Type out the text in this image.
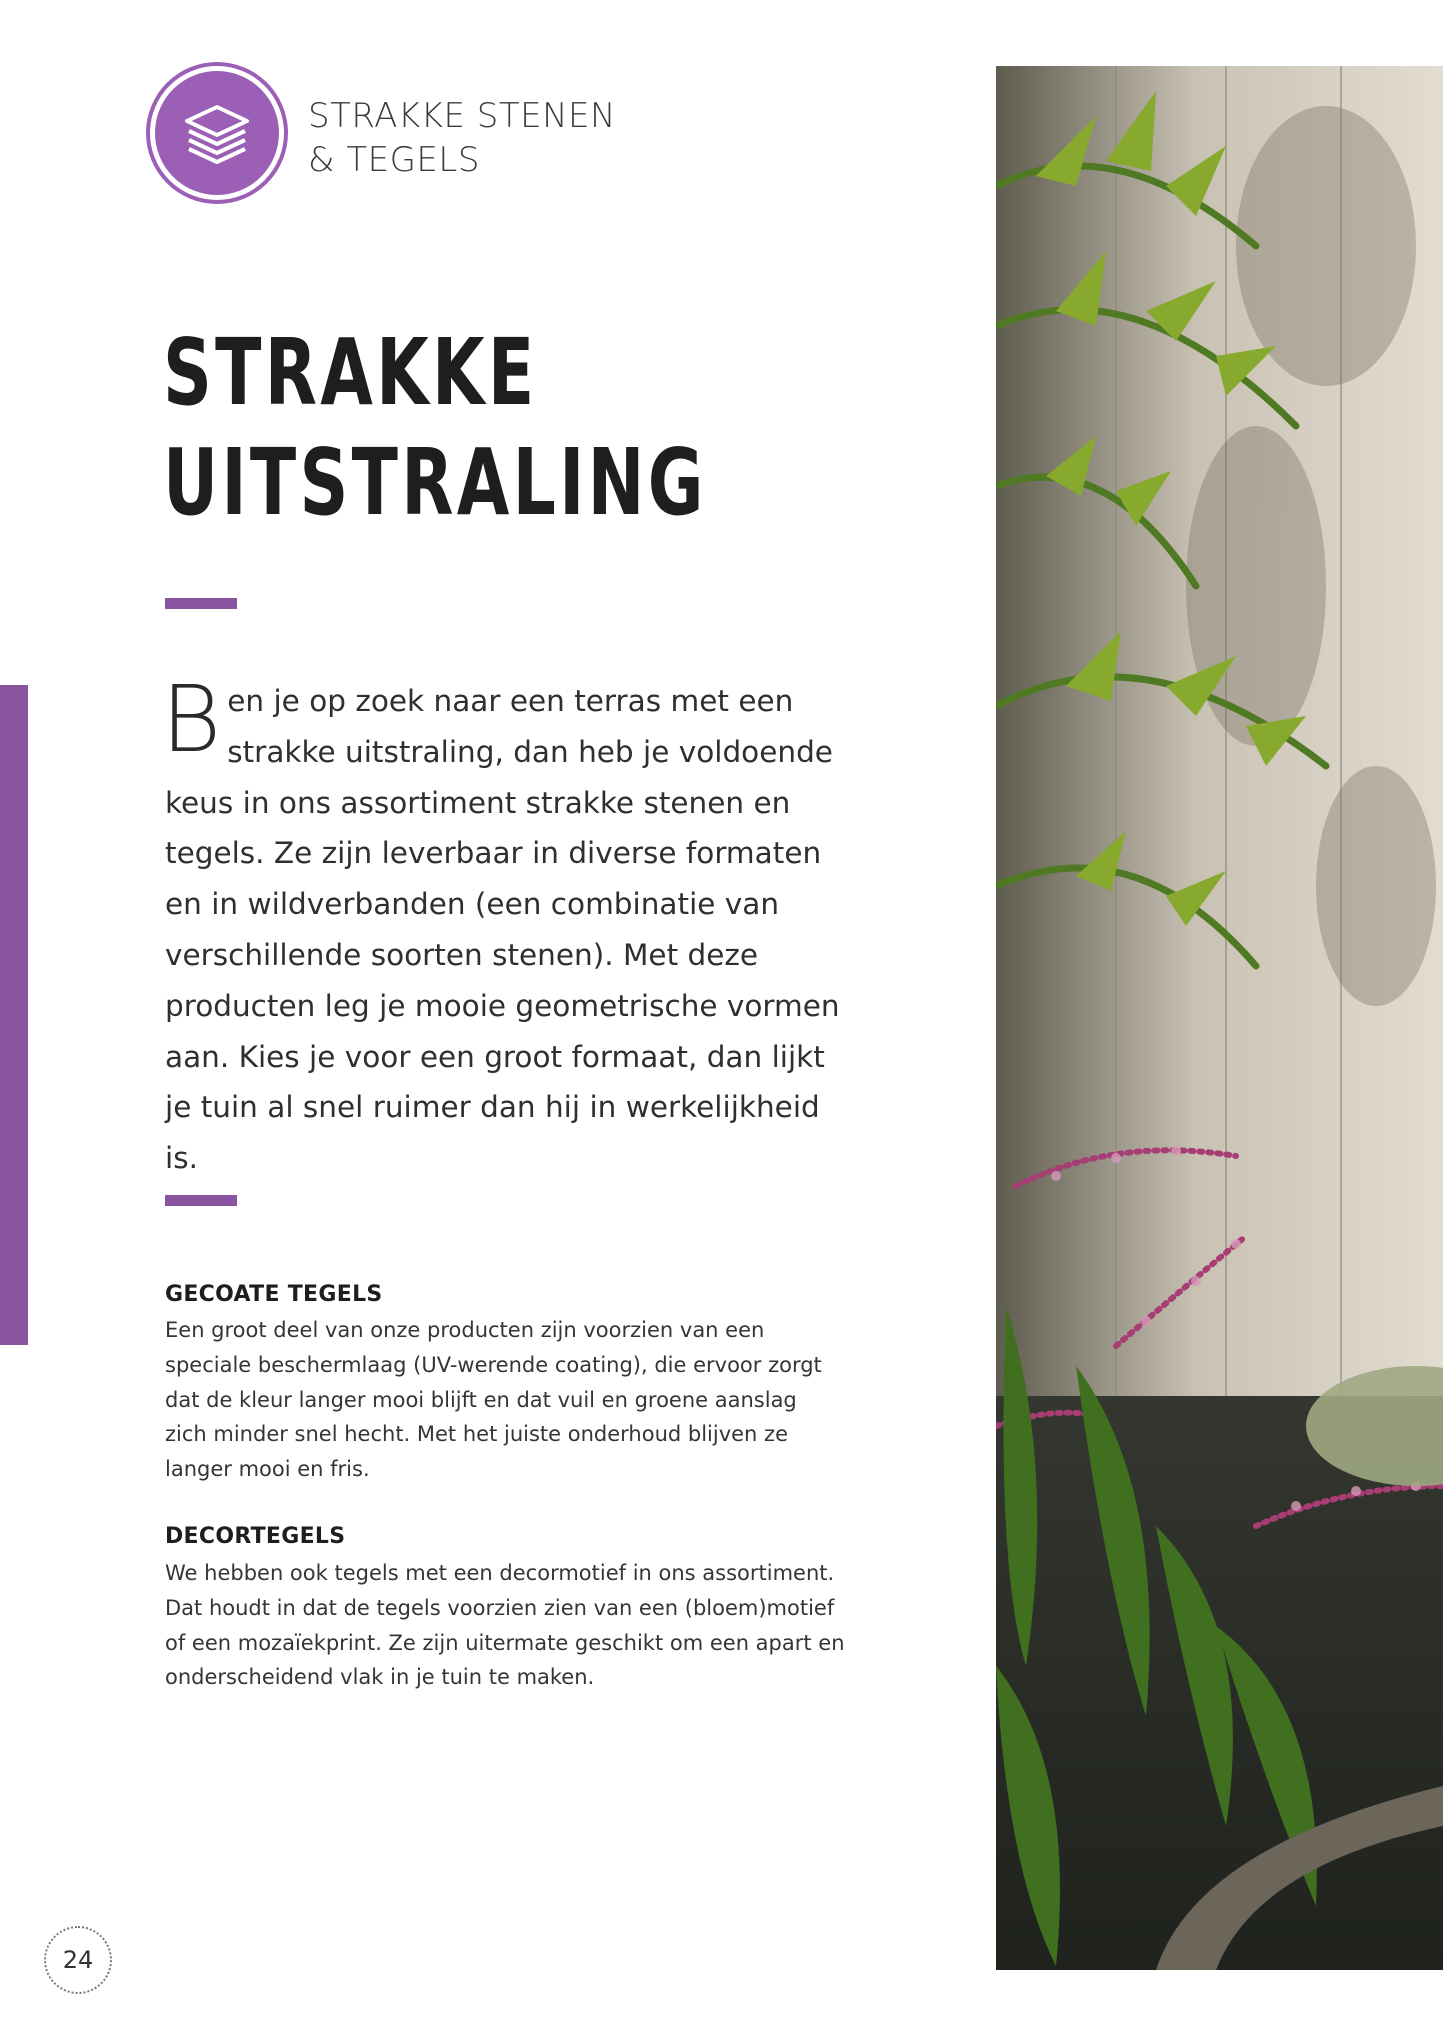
STRAKKE STENEN
& TEGELS
STRAKKE
UITSTRALING
B en je op zoek naar een terras met een strakke uitstraling, dan heb je voldoende keus in ons assortiment strakke stenen en tegels. Ze zijn leverbaar in diverse formaten en in wildverbanden (een combinatie van verschillende soorten stenen). Met deze producten leg je mooie geometrische vormen aan. Kies je voor een groot formaat, dan lijkt je tuin al snel ruimer dan hij in werkelijkheid is.
GECOATE TEGELS
Een groot deel van onze producten zijn voorzien van een speciale beschermlaag (UV-werende coating), die ervoor zorgt dat de kleur langer mooi blijft en dat vuil en groene aanslag zich minder snel hecht. Met het juiste onderhoud blijven ze langer mooi en fris.
DECORTEGELS
We hebben ook tegels met een decormotief in ons assortiment. Dat houdt in dat de tegels voorzien zien van een (bloem)motief of een mozaïekprint. Ze zijn uitermate geschikt om een apart en onderscheidend vlak in je tuin te maken.
24
